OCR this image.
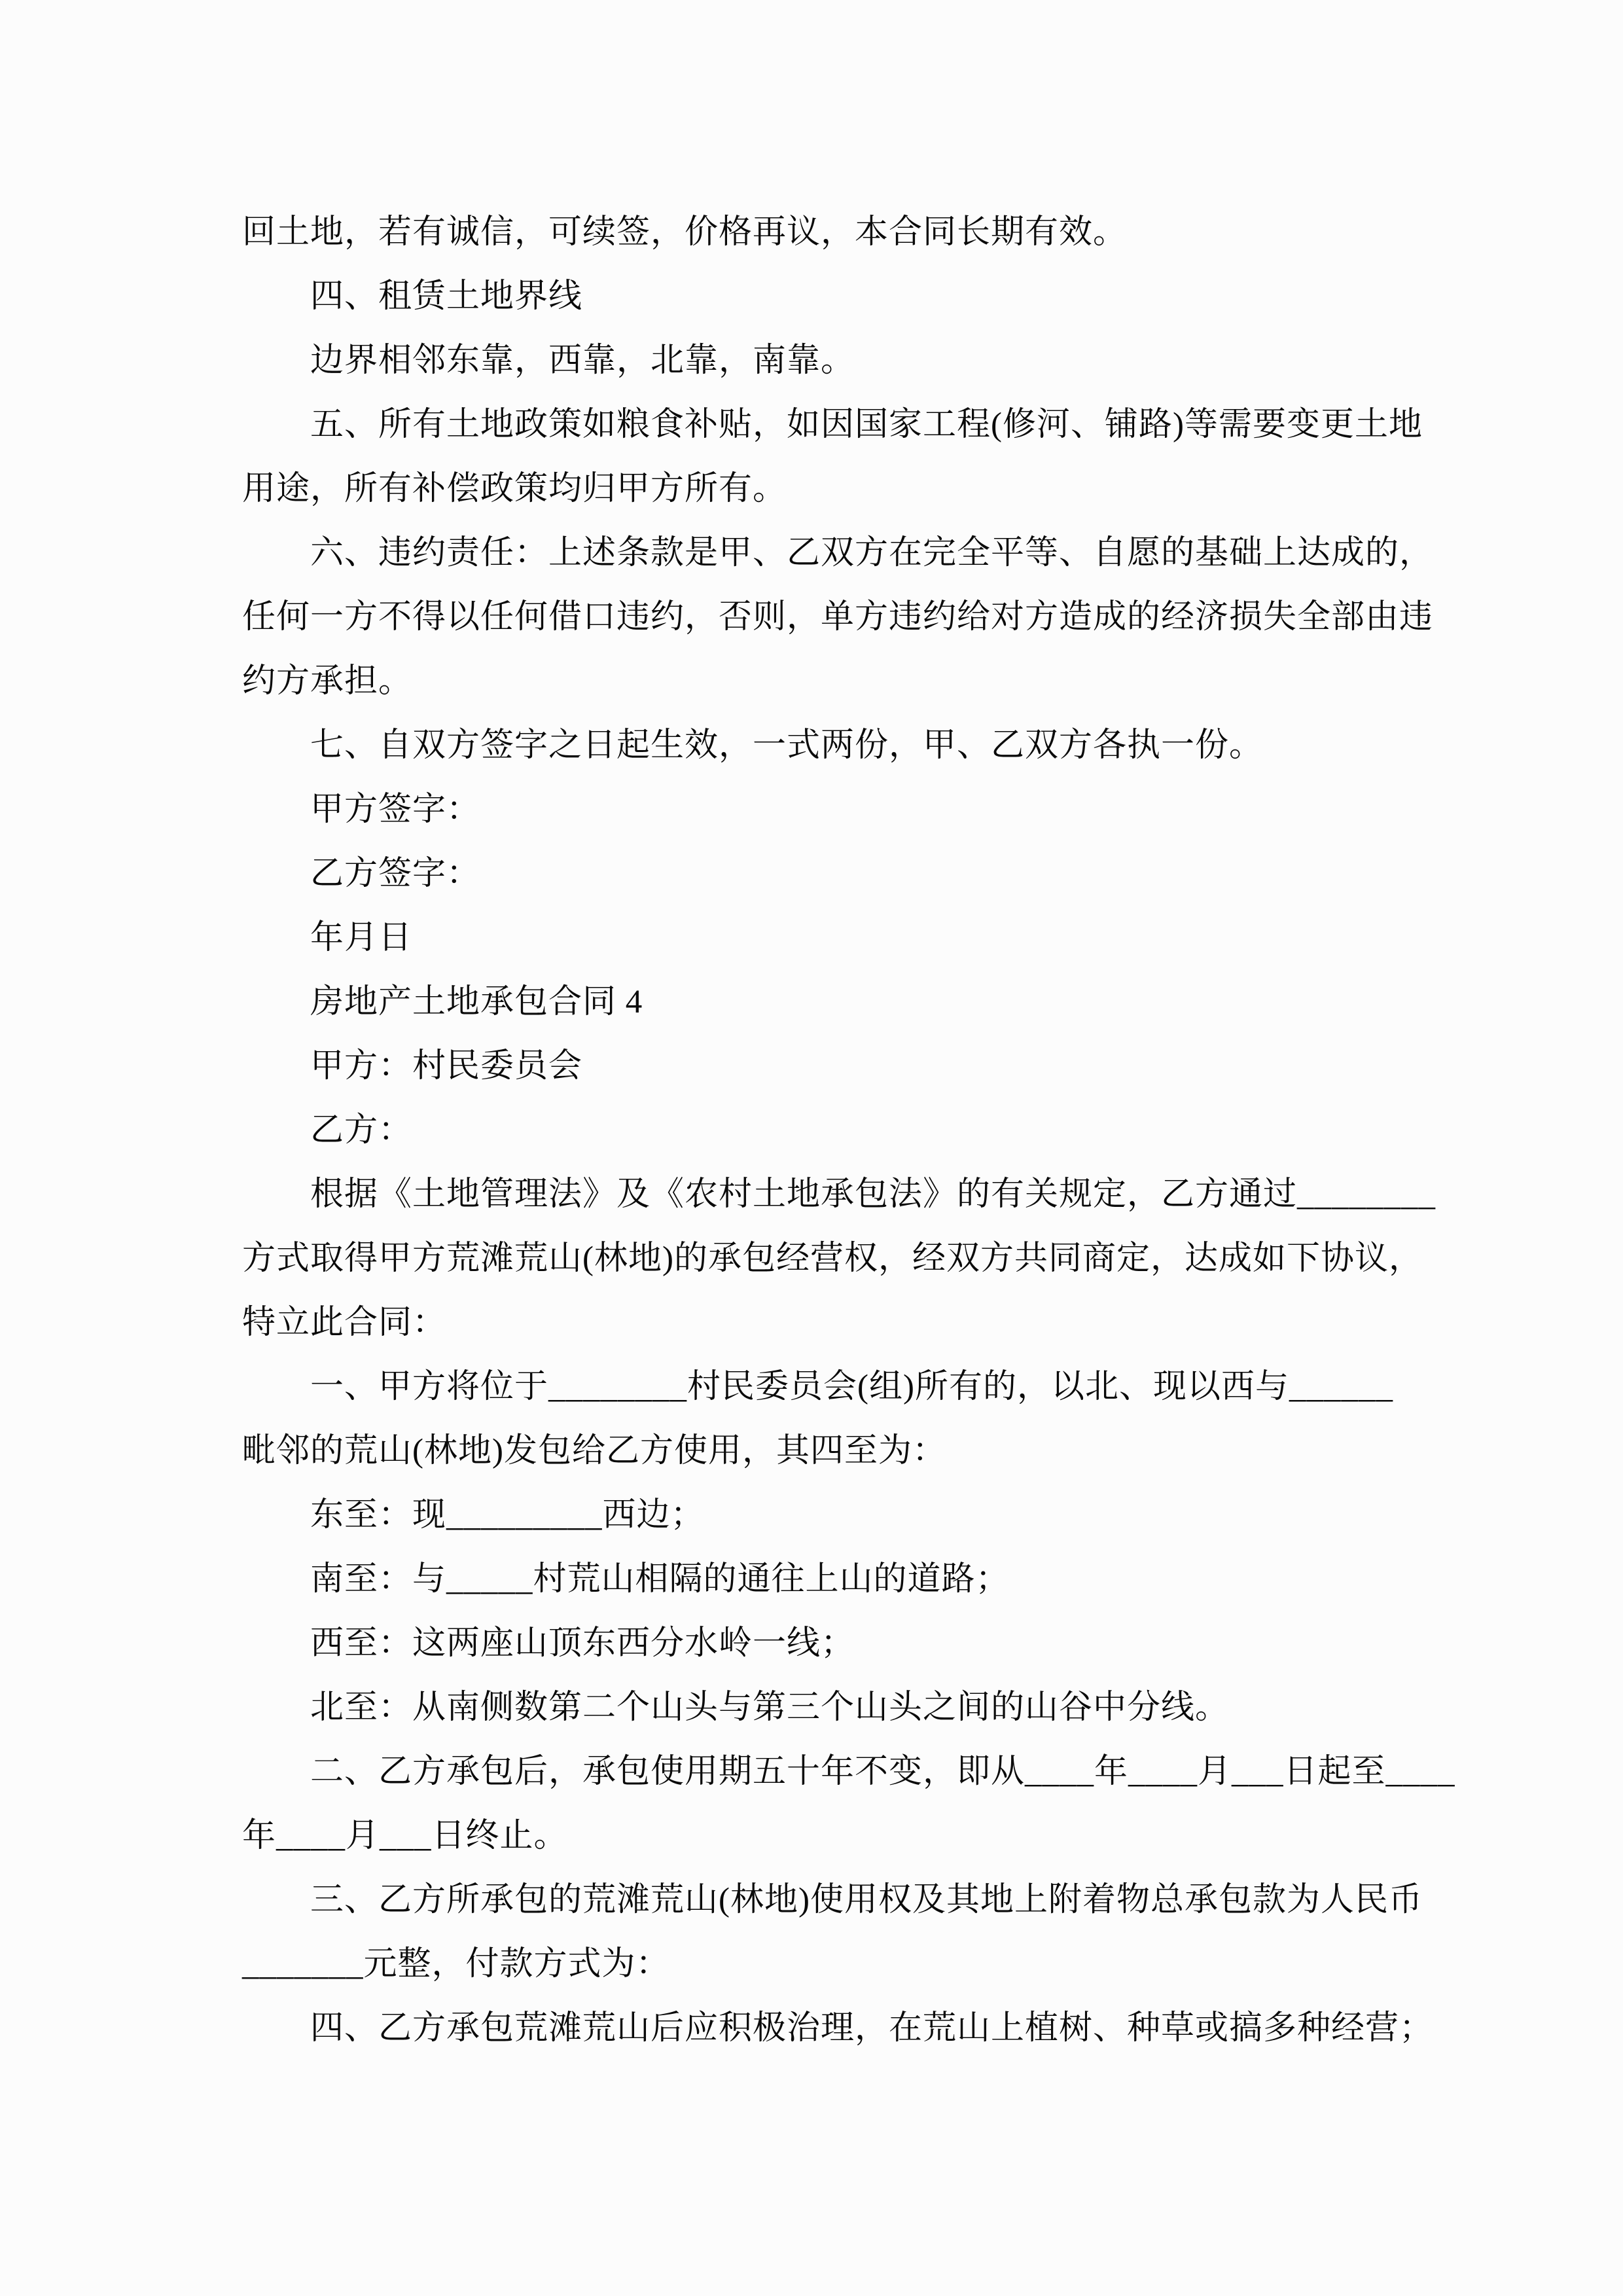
回土地，若有诚信，可续签，价格再议，本合同长期有效。
四、租赁土地界线
边界相邻东靠，西靠，北靠，南靠。
五、所有土地政策如粮食补贴，如因国家工程(修河、铺路)等需要变更土地
用途，所有补偿政策均归甲方所有。
六、违约责任：上述条款是甲、乙双方在完全平等、自愿的基础上达成的，
任何一方不得以任何借口违约，否则，单方违约给对方造成的经济损失全部由违
约方承担。
七、自双方签字之日起生效，一式两份，甲、乙双方各执一份。
甲方签字：
乙方签字：
年月日
房地产土地承包合同 4
甲方：村民委员会
乙方：
根据《土地管理法》及《农村土地承包法》的有关规定，乙方通过________
方式取得甲方荒滩荒山(林地)的承包经营权，经双方共同商定，达成如下协议，
特立此合同：
一、甲方将位于________村民委员会(组)所有的，以北、现以西与______
毗邻的荒山(林地)发包给乙方使用，其四至为：
东至：现_________西边；
南至：与_____村荒山相隔的通往上山的道路；
西至：这两座山顶东西分水岭一线；
北至：从南侧数第二个山头与第三个山头之间的山谷中分线。
二、乙方承包后，承包使用期五十年不变，即从____年____月___日起至____
年____月___日终止。
三、乙方所承包的荒滩荒山(林地)使用权及其地上附着物总承包款为人民币
_______元整，付款方式为：
四、乙方承包荒滩荒山后应积极治理，在荒山上植树、种草或搞多种经营；
